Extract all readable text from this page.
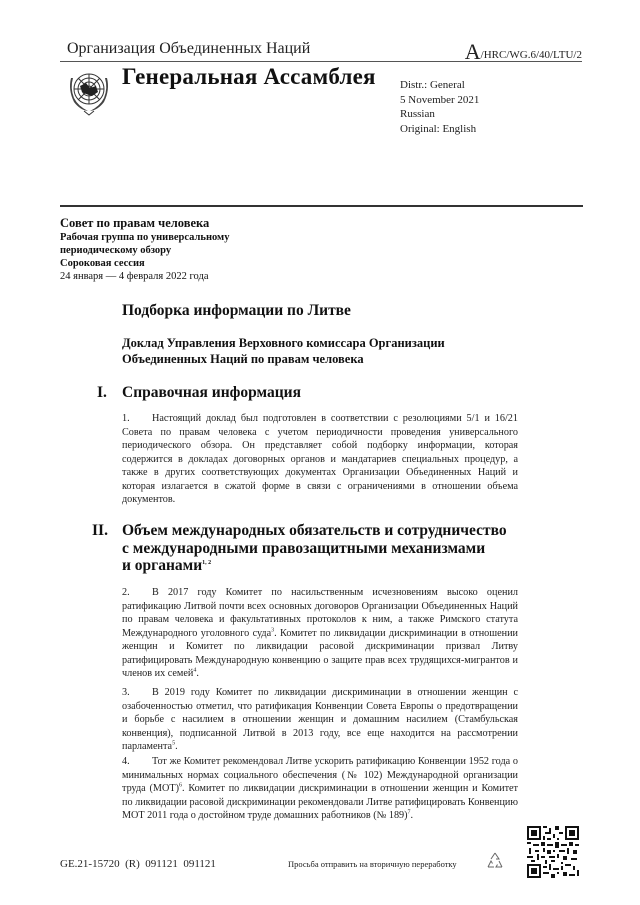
Организация Объединенных Наций	A/HRC/WG.6/40/LTU/2
Генеральная Ассамблея Distr.: General
5 November 2021
Russian
Original: English
Совет по правам человека
Рабочая группа по универсальному
периодическому обзору
Сороковая сессия
24 января — 4 февраля 2022 года
Подборка информации по Литве
Доклад Управления Верховного комиссара Организации
Объединенных Наций по правам человека
I. Справочная информация
1. Настоящий доклад был подготовлен в соответствии с резолюциями 5/1 и 16/21 Совета по правам человека с учетом периодичности проведения универсального периодического обзора. Он представляет собой подборку информации, которая содержится в докладах договорных органов и мандатариев специальных процедур, а также в других соответствующих документах Организации Объединенных Наций и которая излагается в сжатой форме в связи с ограничениями в отношении объема документов.
II. Объем международных обязательств и сотрудничество
с международными правозащитными механизмами
и органами$^{1, 2}$
2. В 2017 году Комитет по насильственным исчезновениям высоко оценил ратификацию Литвой почти всех основных договоров Организации Объединенных Наций по правам человека и факультативных протоколов к ним, а также Римского статута Международного уголовного суда$^3$. Комитет по ликвидации дискриминации в отношении женщин и Комитет по ликвидации расовой дискриминации призвал Литву ратифицировать Международную конвенцию о защите прав всех трудящихся-мигрантов и членов их семей$^4$.
3. В 2019 году Комитет по ликвидации дискриминации в отношении женщин с озабоченностью отметил, что ратификация Конвенции Совета Европы о предотвращении и борьбе с насилием в отношении женщин и домашним насилием (Стамбульская конвенция), подписанной Литвой в 2013 году, все еще находится на рассмотрении парламента$^5$.
4. Тот же Комитет рекомендовал Литве ускорить ратификацию Конвенции 1952 года о минимальных нормах социального обеспечения (№ 102) Международной организации труда (МОТ)$^6$. Комитет по ликвидации дискриминации в отношении женщин и Комитет по ликвидации расовой дискриминации рекомендовали Литве ратифицировать Конвенцию МОТ 2011 года о достойном труде домашних работников (№ 189)$^7$.
GE.21-15720  (R)  091121  091121	Просьба отправить на вторичную переработку
